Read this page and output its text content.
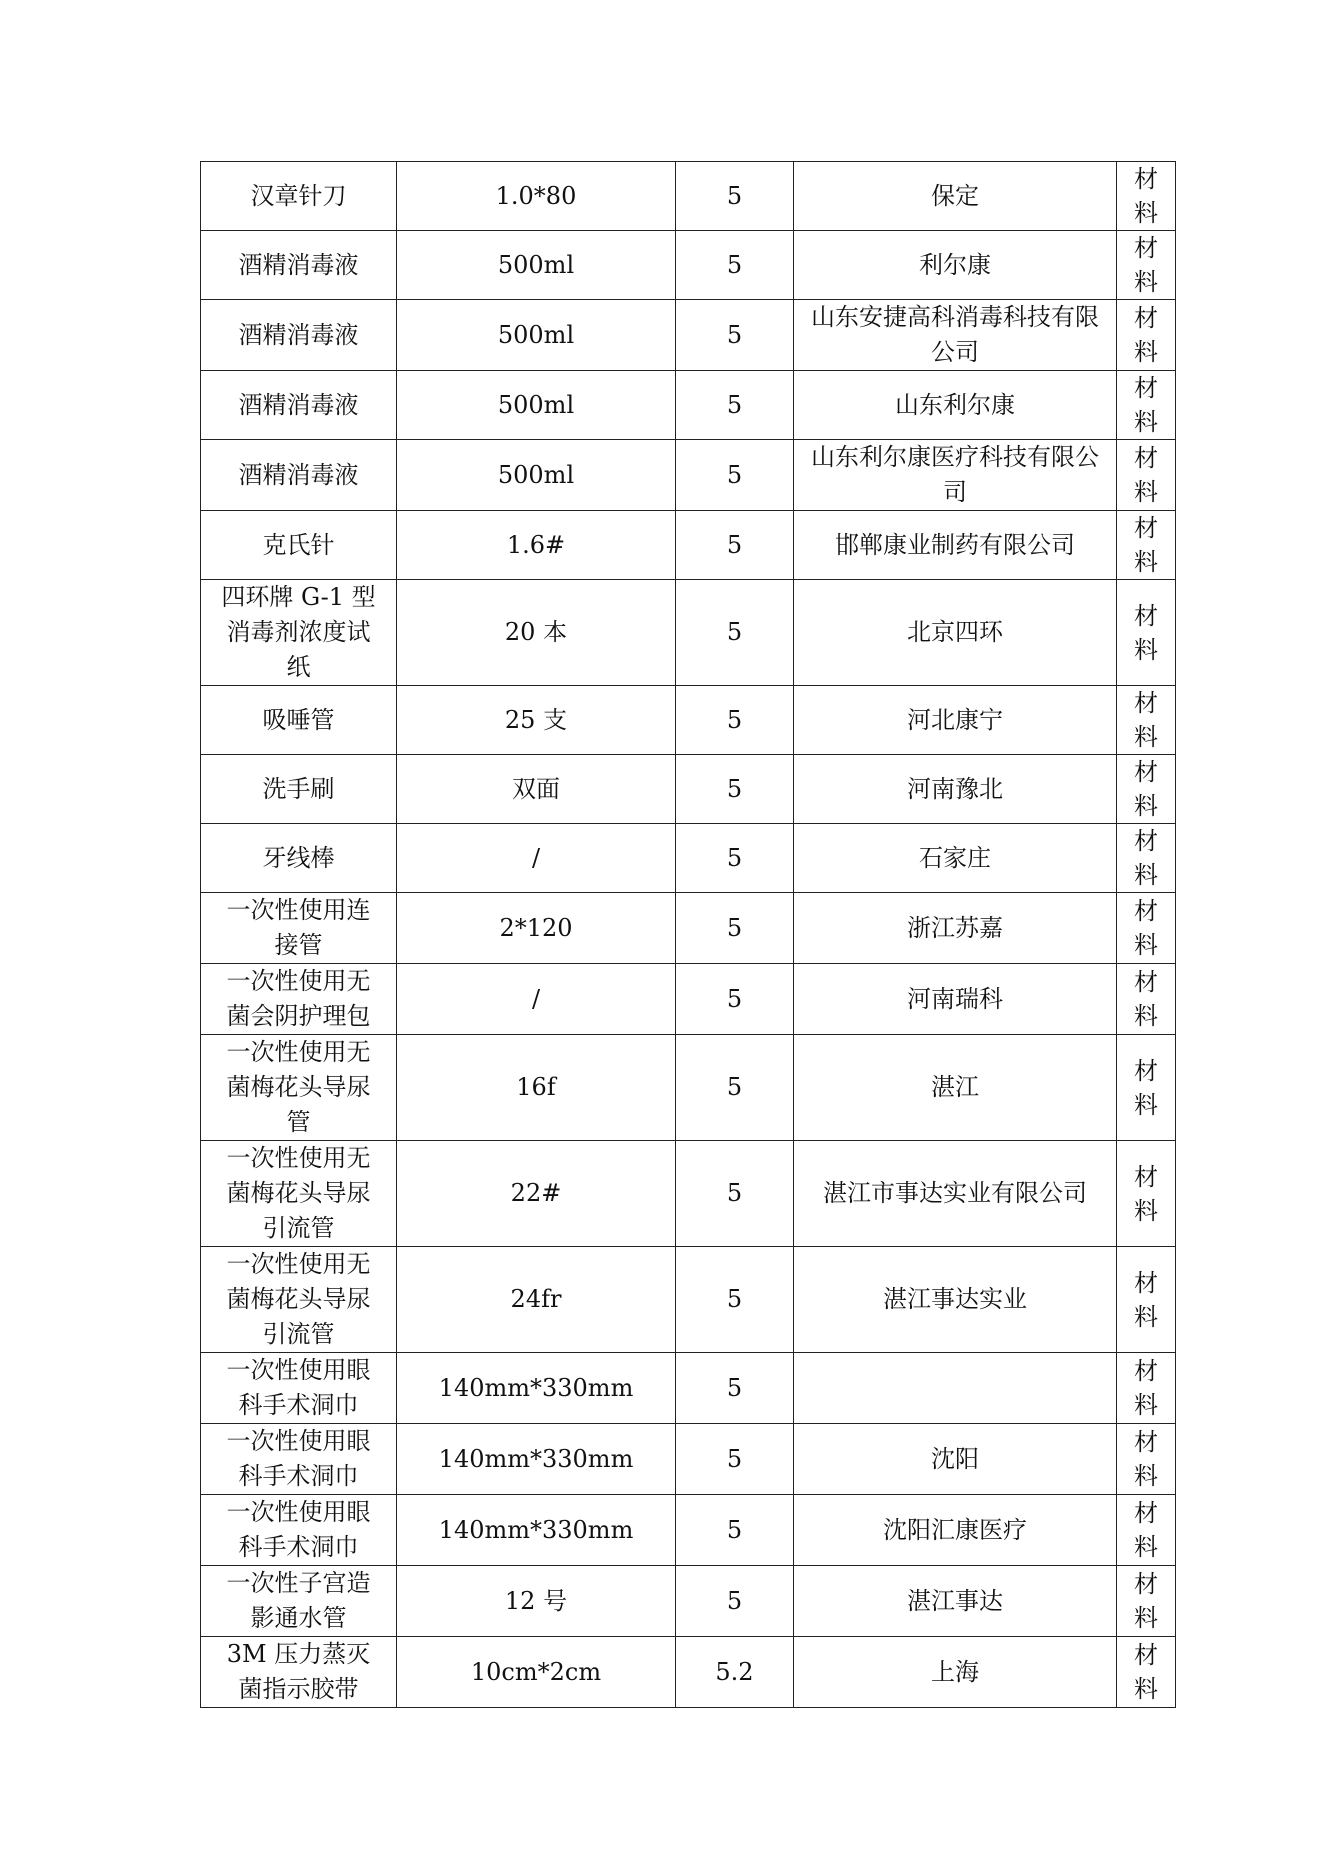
汉章针刀	1.0*80	5	保定	材料
酒精消毒液	500ml	5	利尔康	材料
酒精消毒液	500ml	5	山东安捷高科消毒科技有限公司	材料
酒精消毒液	500ml	5	山东利尔康	材料
酒精消毒液	500ml	5	山东利尔康医疗科技有限公司	材料
克氏针	1.6#	5	邯郸康业制药有限公司	材料
四环牌 G-1 型消毒剂浓度试纸	20 本	5	北京四环	材料
吸唾管	25 支	5	河北康宁	材料
洗手刷	双面	5	河南豫北	材料
牙线棒	/	5	石家庄	材料
一次性使用连接管	2*120	5	浙江苏嘉	材料
一次性使用无菌会阴护理包	/	5	河南瑞科	材料
一次性使用无菌梅花头导尿管	16f	5	湛江	材料
一次性使用无菌梅花头导尿引流管	22#	5	湛江市事达实业有限公司	材料
一次性使用无菌梅花头导尿引流管	24fr	5	湛江事达实业	材料
一次性使用眼科手术洞巾	140mm*330mm	5		材料
一次性使用眼科手术洞巾	140mm*330mm	5	沈阳	材料
一次性使用眼科手术洞巾	140mm*330mm	5	沈阳汇康医疗	材料
一次性子宫造影通水管	12 号	5	湛江事达	材料
3M 压力蒸灭菌指示胶带	10cm*2cm	5.2	上海	材料
